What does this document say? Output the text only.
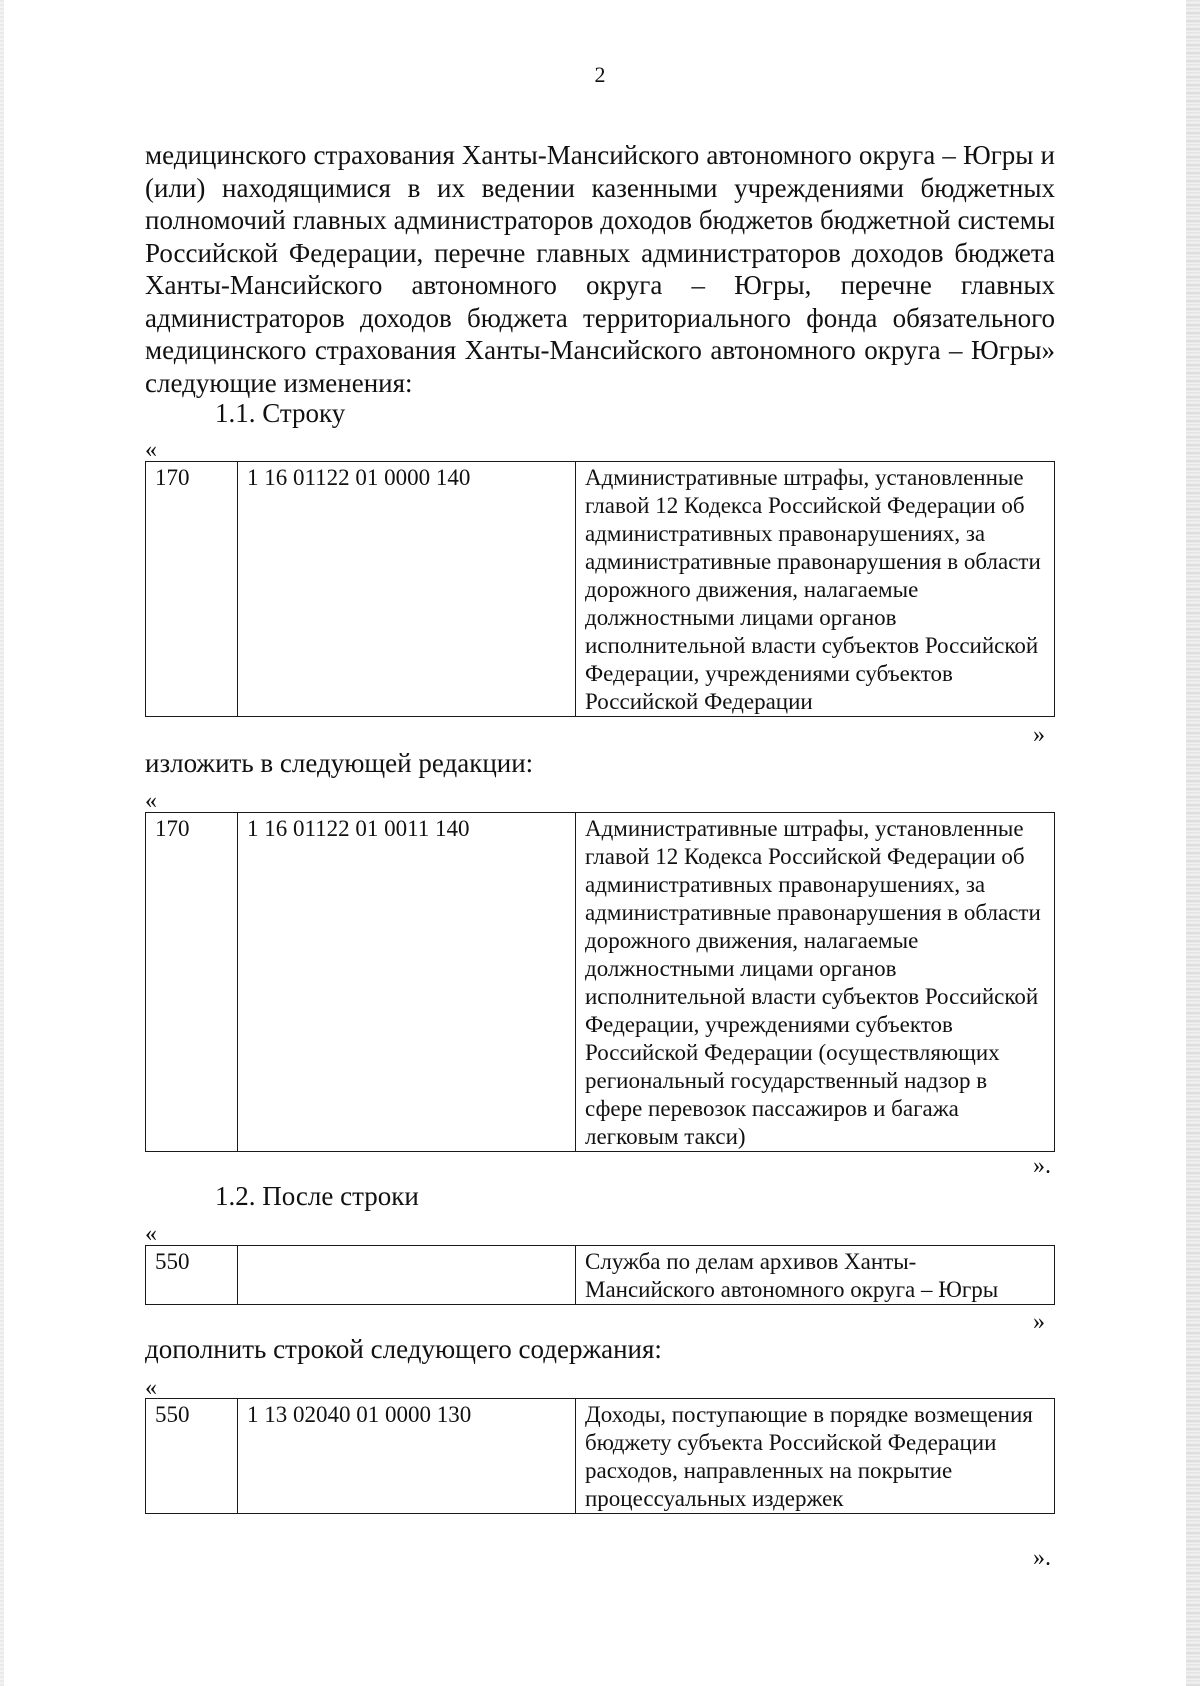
2

медицинского страхования Ханты-Мансийского автономного округа – Югры и (или) находящимися в их ведении казенными учреждениями бюджетных полномочий главных администраторов доходов бюджетов бюджетной системы Российской Федерации, перечне главных администраторов доходов бюджета Ханты-Мансийского автономного округа – Югры, перечне главных администраторов доходов бюджета территориального фонда обязательного медицинского страхования Ханты-Мансийского автономного округа – Югры» следующие изменения:

1.1. Строку
«
170	1 16 01122 01 0000 140	Административные штрафы, установленные главой 12 Кодекса Российской Федерации об административных правонарушениях, за административные правонарушения в области дорожного движения, налагаемые должностными лицами органов исполнительной власти субъектов Российской Федерации, учреждениями субъектов Российской Федерации
»
изложить в следующей редакции:
«
170	1 16 01122 01 0011 140	Административные штрафы, установленные главой 12 Кодекса Российской Федерации об административных правонарушениях, за административные правонарушения в области дорожного движения, налагаемые должностными лицами органов исполнительной власти субъектов Российской Федерации, учреждениями субъектов Российской Федерации (осуществляющих региональный государственный надзор в сфере перевозок пассажиров и багажа легковым такси)
».
1.2. После строки
«
550		Служба по делам архивов Ханты-Мансийского автономного округа – Югры
»
дополнить строкой следующего содержания:
«
550	1 13 02040 01 0000 130	Доходы, поступающие в порядке возмещения бюджету субъекта Российской Федерации расходов, направленных на покрытие процессуальных издержек
».
